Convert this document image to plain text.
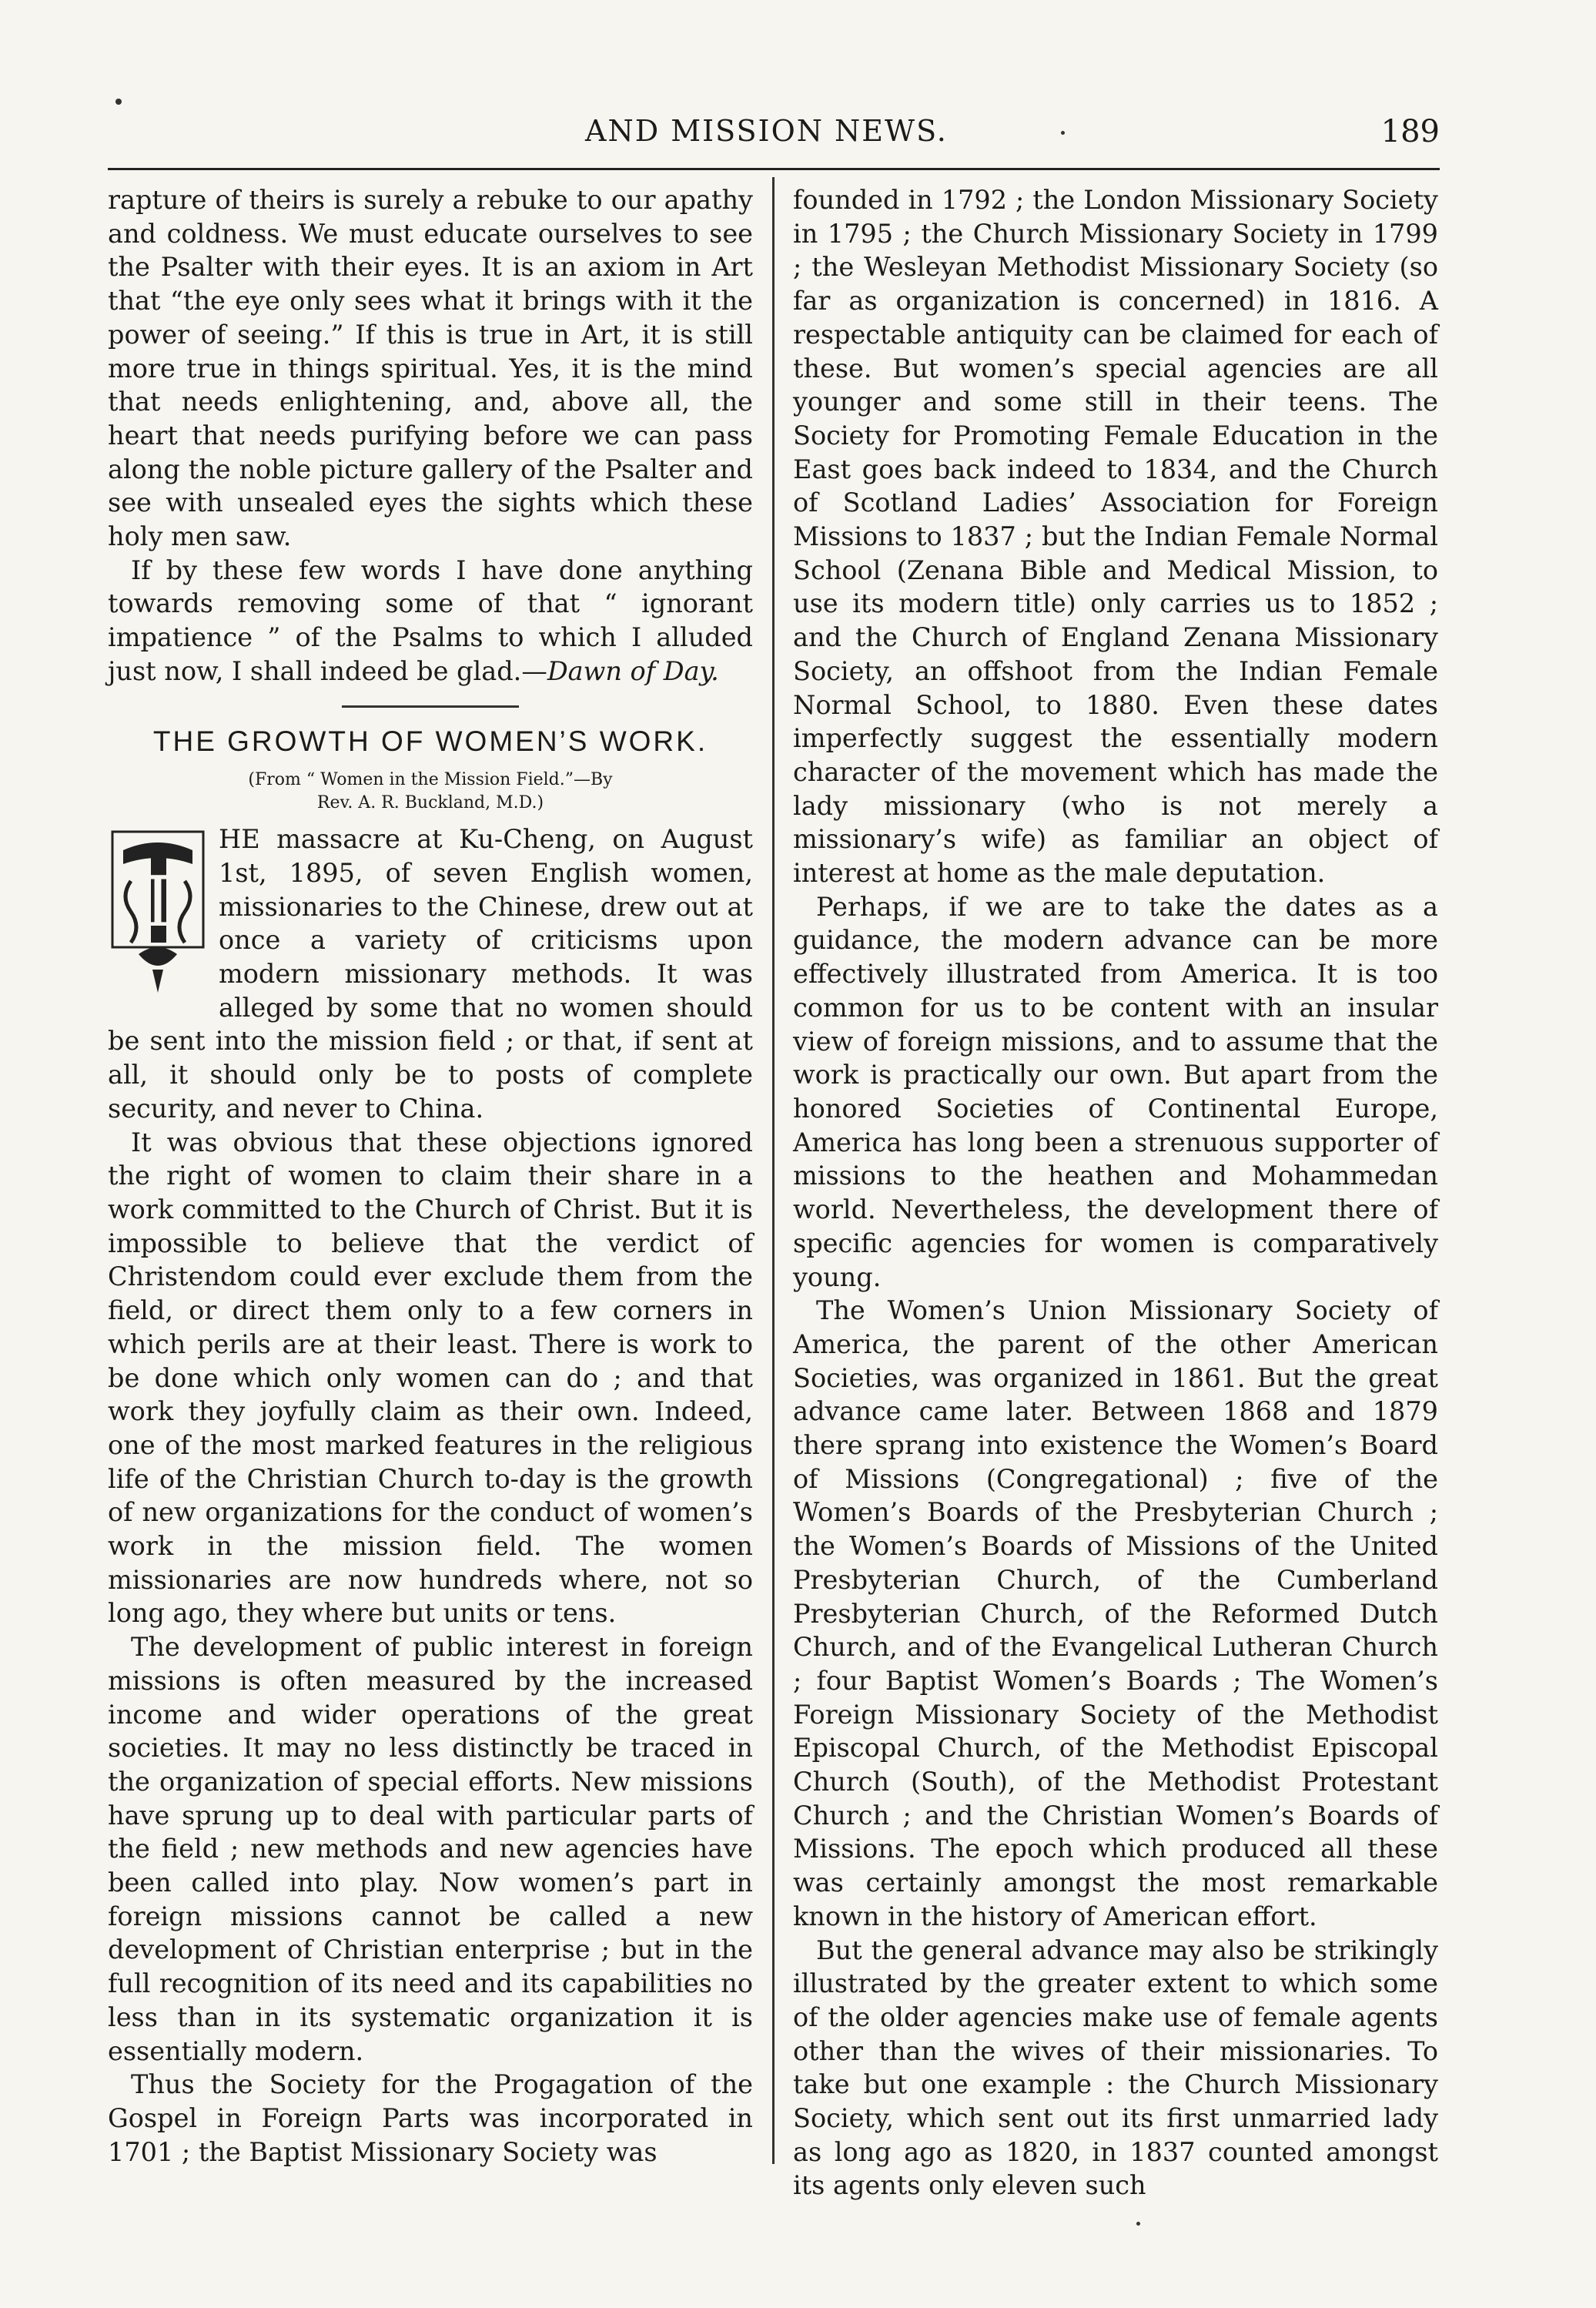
AND MISSION NEWS.	189

rapture of theirs is surely a rebuke to our apathy and coldness. We must educate ourselves to see the Psalter with their eyes. It is an axiom in Art that “the eye only sees what it brings with it the power of seeing.” If this is true in Art, it is still more true in things spiritual. Yes, it is the mind that needs enlightening, and, above all, the heart that needs purifying before we can pass along the noble picture gallery of the Psalter and see with unsealed eyes the sights which these holy men saw.

If by these few words I have done anything towards removing some of that “ ignorant impatience ” of the Psalms to which I alluded just now, I shall indeed be glad.—Dawn of Day.

THE GROWTH OF WOMEN’S WORK.
(From “ Women in the Mission Field.”—By
Rev. A. R. Buckland, M.D.)

T
HE massacre at Ku-Cheng, on August 1st, 1895, of seven English women, missionaries to the Chinese, drew out at once a variety of criticisms upon modern missionary methods. It was alleged by some that no women should be sent into the mission field ; or that, if sent at all, it should only be to posts of complete security, and never to China.

It was obvious that these objections ignored the right of women to claim their share in a work committed to the Church of Christ. But it is impossible to believe that the verdict of Christendom could ever exclude them from the field, or direct them only to a few corners in which perils are at their least. There is work to be done which only women can do ; and that work they joyfully claim as their own. Indeed, one of the most marked features in the religious life of the Christian Church to-day is the growth of new organizations for the conduct of women’s work in the mission field. The women missionaries are now hundreds where, not so long ago, they where but units or tens.

The development of public interest in foreign missions is often measured by the increased income and wider operations of the great societies. It may no less distinctly be traced in the organization of special efforts. New missions have sprung up to deal with particular parts of the field ; new methods and new agencies have been called into play. Now women’s part in foreign missions cannot be called a new development of Christian enterprise ; but in the full recognition of its need and its capabilities no less than in its systematic organization it is essentially modern.

Thus the Society for the Progagation of the Gospel in Foreign Parts was incorporated in 1701 ; the Baptist Missionary Society was

founded in 1792 ; the London Missionary Society in 1795 ; the Church Missionary Society in 1799 ; the Wesleyan Methodist Missionary Society (so far as organization is concerned) in 1816. A respectable antiquity can be claimed for each of these. But women’s special agencies are all younger and some still in their teens. The Society for Promoting Female Education in the East goes back indeed to 1834, and the Church of Scotland Ladies’ Association for Foreign Missions to 1837 ; but the Indian Female Normal School (Zenana Bible and Medical Mission, to use its modern title) only carries us to 1852 ; and the Church of England Zenana Missionary Society, an offshoot from the Indian Female Normal School, to 1880. Even these dates imperfectly suggest the essentially modern character of the movement which has made the lady missionary (who is not merely a missionary’s wife) as familiar an object of interest at home as the male deputation.

Perhaps, if we are to take the dates as a guidance, the modern advance can be more effectively illustrated from America. It is too common for us to be content with an insular view of foreign missions, and to assume that the work is practically our own. But apart from the honored Societies of Continental Europe, America has long been a strenuous supporter of missions to the heathen and Mohammedan world. Nevertheless, the development there of specific agencies for women is comparatively young.

The Women’s Union Missionary Society of America, the parent of the other American Societies, was organized in 1861. But the great advance came later. Between 1868 and 1879 there sprang into existence the Women’s Board of Missions (Congregational) ; five of the Women’s Boards of the Presbyterian Church ; the Women’s Boards of Missions of the United Presbyterian Church, of the Cumberland Presbyterian Church, of the Reformed Dutch Church, and of the Evangelical Lutheran Church ; four Baptist Women’s Boards ; The Women’s Foreign Missionary Society of the Methodist Episcopal Church, of the Methodist Episcopal Church (South), of the Methodist Protestant Church ; and the Christian Women’s Boards of Missions. The epoch which produced all these was certainly amongst the most remarkable known in the history of American effort.

But the general advance may also be strikingly illustrated by the greater extent to which some of the older agencies make use of female agents other than the wives of their missionaries. To take but one example : the Church Missionary Society, which sent out its first unmarried lady as long ago as 1820, in 1837 counted amongst its agents only eleven such
